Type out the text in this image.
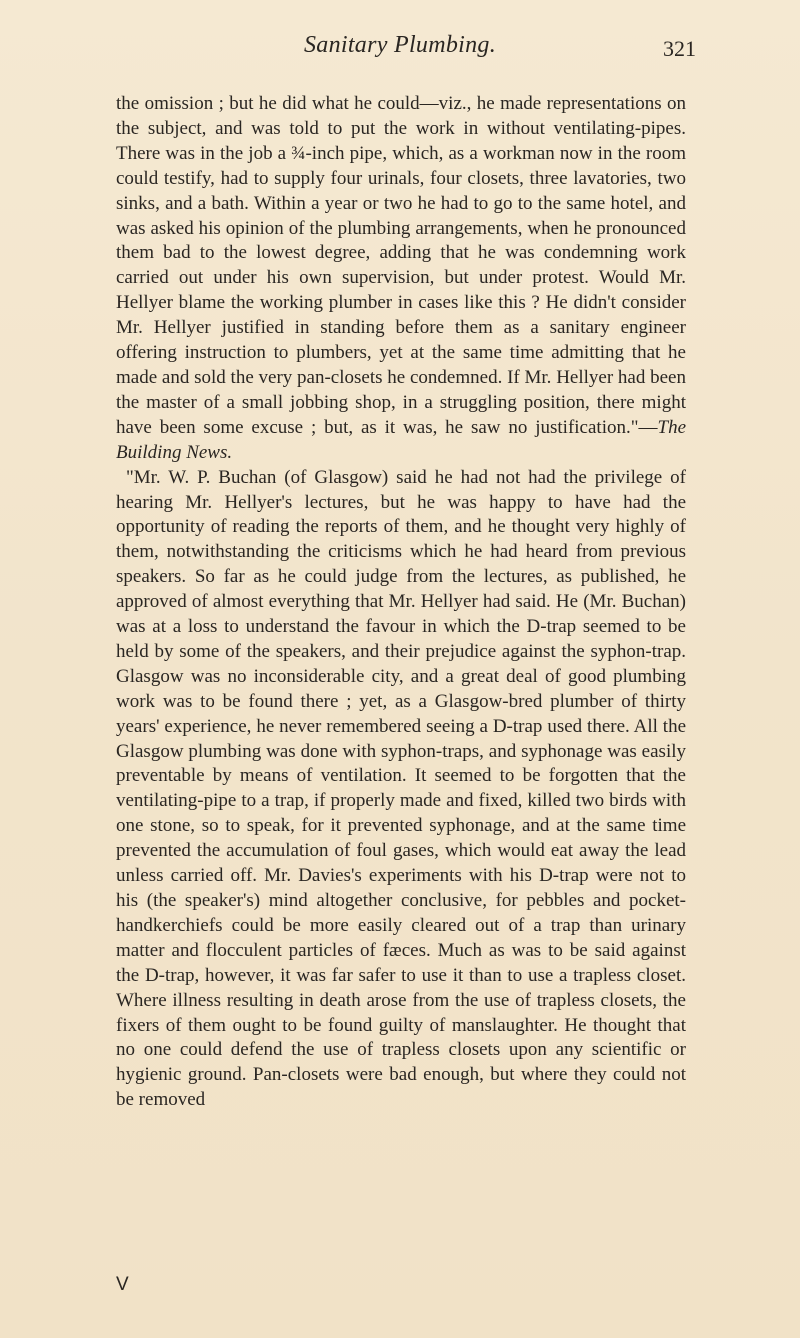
Sanitary Plumbing.	321

the omission ; but he did what he could—viz., he made representations on the subject, and was told to put the work in without ventilating-pipes. There was in the job a ¾-inch pipe, which, as a workman now in the room could testify, had to supply four urinals, four closets, three lavatories, two sinks, and a bath. Within a year or two he had to go to the same hotel, and was asked his opinion of the plumbing arrangements, when he pronounced them bad to the lowest degree, adding that he was condemning work carried out under his own supervision, but under protest. Would Mr. Hellyer blame the working plumber in cases like this ? He didn't consider Mr. Hellyer justified in standing before them as a sanitary engineer offering instruction to plumbers, yet at the same time admitting that he made and sold the very pan-closets he condemned. If Mr. Hellyer had been the master of a small jobbing shop, in a struggling position, there might have been some excuse ; but, as it was, he saw no justification."—The Building News.

"Mr. W. P. Buchan (of Glasgow) said he had not had the privilege of hearing Mr. Hellyer's lectures, but he was happy to have had the opportunity of reading the reports of them, and he thought very highly of them, notwithstanding the criticisms which he had heard from previous speakers. So far as he could judge from the lectures, as published, he approved of almost everything that Mr. Hellyer had said. He (Mr. Buchan) was at a loss to understand the favour in which the D-trap seemed to be held by some of the speakers, and their prejudice against the syphon-trap. Glasgow was no inconsiderable city, and a great deal of good plumbing work was to be found there ; yet, as a Glasgow-bred plumber of thirty years' experience, he never remembered seeing a D-trap used there. All the Glasgow plumbing was done with syphon-traps, and syphonage was easily preventable by means of ventilation. It seemed to be forgotten that the ventilating-pipe to a trap, if properly made and fixed, killed two birds with one stone, so to speak, for it prevented syphonage, and at the same time prevented the accumulation of foul gases, which would eat away the lead unless carried off. Mr. Davies's experiments with his D-trap were not to his (the speaker's) mind altogether conclusive, for pebbles and pocket-handkerchiefs could be more easily cleared out of a trap than urinary matter and flocculent particles of fæces. Much as was to be said against the D-trap, however, it was far safer to use it than to use a trapless closet. Where illness resulting in death arose from the use of trapless closets, the fixers of them ought to be found guilty of manslaughter. He thought that no one could defend the use of trapless closets upon any scientific or hygienic ground. Pan-closets were bad enough, but where they could not be removed

V
